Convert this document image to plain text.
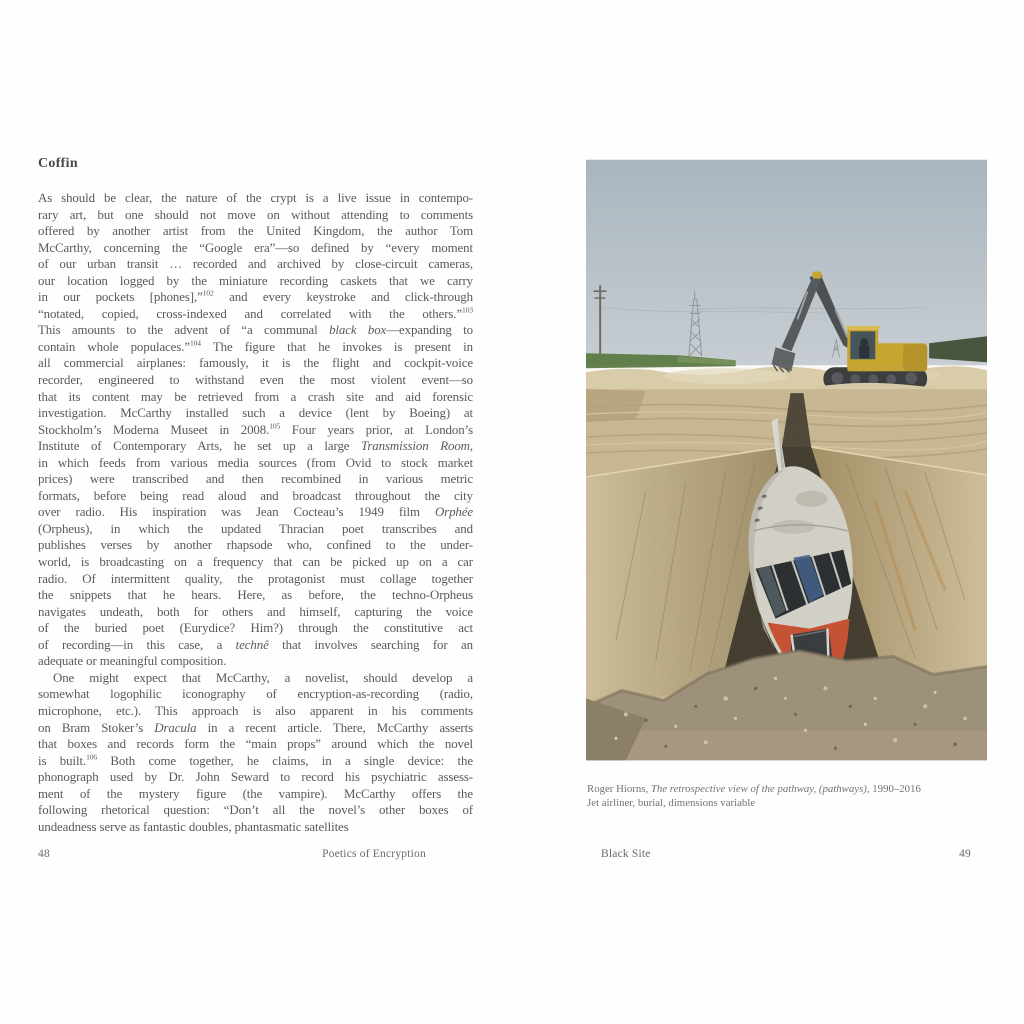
Coffin
As should be clear, the nature of the crypt is a live issue in contempo-
rary art, but one should not move on without attending to comments
offered by another artist from the United Kingdom, the author Tom
McCarthy, concerning the “Google era”—so defined by “every moment
of our urban transit … recorded and archived by close-circuit cameras,
our location logged by the miniature recording caskets that we carry
in our pockets [phones],”$^{102}$ and every keystroke and click-through
“notated, copied, cross-indexed and correlated with the others.”$^{103}$
This amounts to the advent of “a communal black box—expanding to
contain whole populaces.”$^{104}$ The figure that he invokes is present in
all commercial airplanes: famously, it is the flight and cockpit-voice
recorder, engineered to withstand even the most violent event—so
that its content may be retrieved from a crash site and aid forensic
investigation. McCarthy installed such a device (lent by Boeing) at
Stockholm’s Moderna Museet in 2008.$^{105}$ Four years prior, at London’s
Institute of Contemporary Arts, he set up a large Transmission Room,
in which feeds from various media sources (from Ovid to stock market
prices) were transcribed and then recombined in various metric
formats, before being read aloud and broadcast throughout the city
over radio. His inspiration was Jean Cocteau’s 1949 film Orphée
(Orpheus), in which the updated Thracian poet transcribes and
publishes verses by another rhapsode who, confined to the under-
world, is broadcasting on a frequency that can be picked up on a car
radio. Of intermittent quality, the protagonist must collage together
the snippets that he hears. Here, as before, the techno-Orpheus
navigates undeath, both for others and himself, capturing the voice
of the buried poet (Eurydice? Him?) through the constitutive act
of recording—in this case, a technê that involves searching for an
adequate or meaningful composition.
One might expect that McCarthy, a novelist, should develop a
somewhat logophilic iconography of encryption-as-recording (radio,
microphone, etc.). This approach is also apparent in his comments
on Bram Stoker’s Dracula in a recent article. There, McCarthy asserts
that boxes and records form the “main props” around which the novel
is built.$^{106}$ Both come together, he claims, in a single device: the
phonograph used by Dr. John Seward to record his psychiatric assess-
ment of the mystery figure (the vampire). McCarthy offers the
following rhetorical question: “Don’t all the novel’s other boxes of
undeadness serve as fantastic doubles, phantasmatic satellites
48	Poetics of Encryption
Roger Hiorns, The retrospective view of the pathway, (pathways), 1990–2016
Jet airliner, burial, dimensions variable
Black Site	49
